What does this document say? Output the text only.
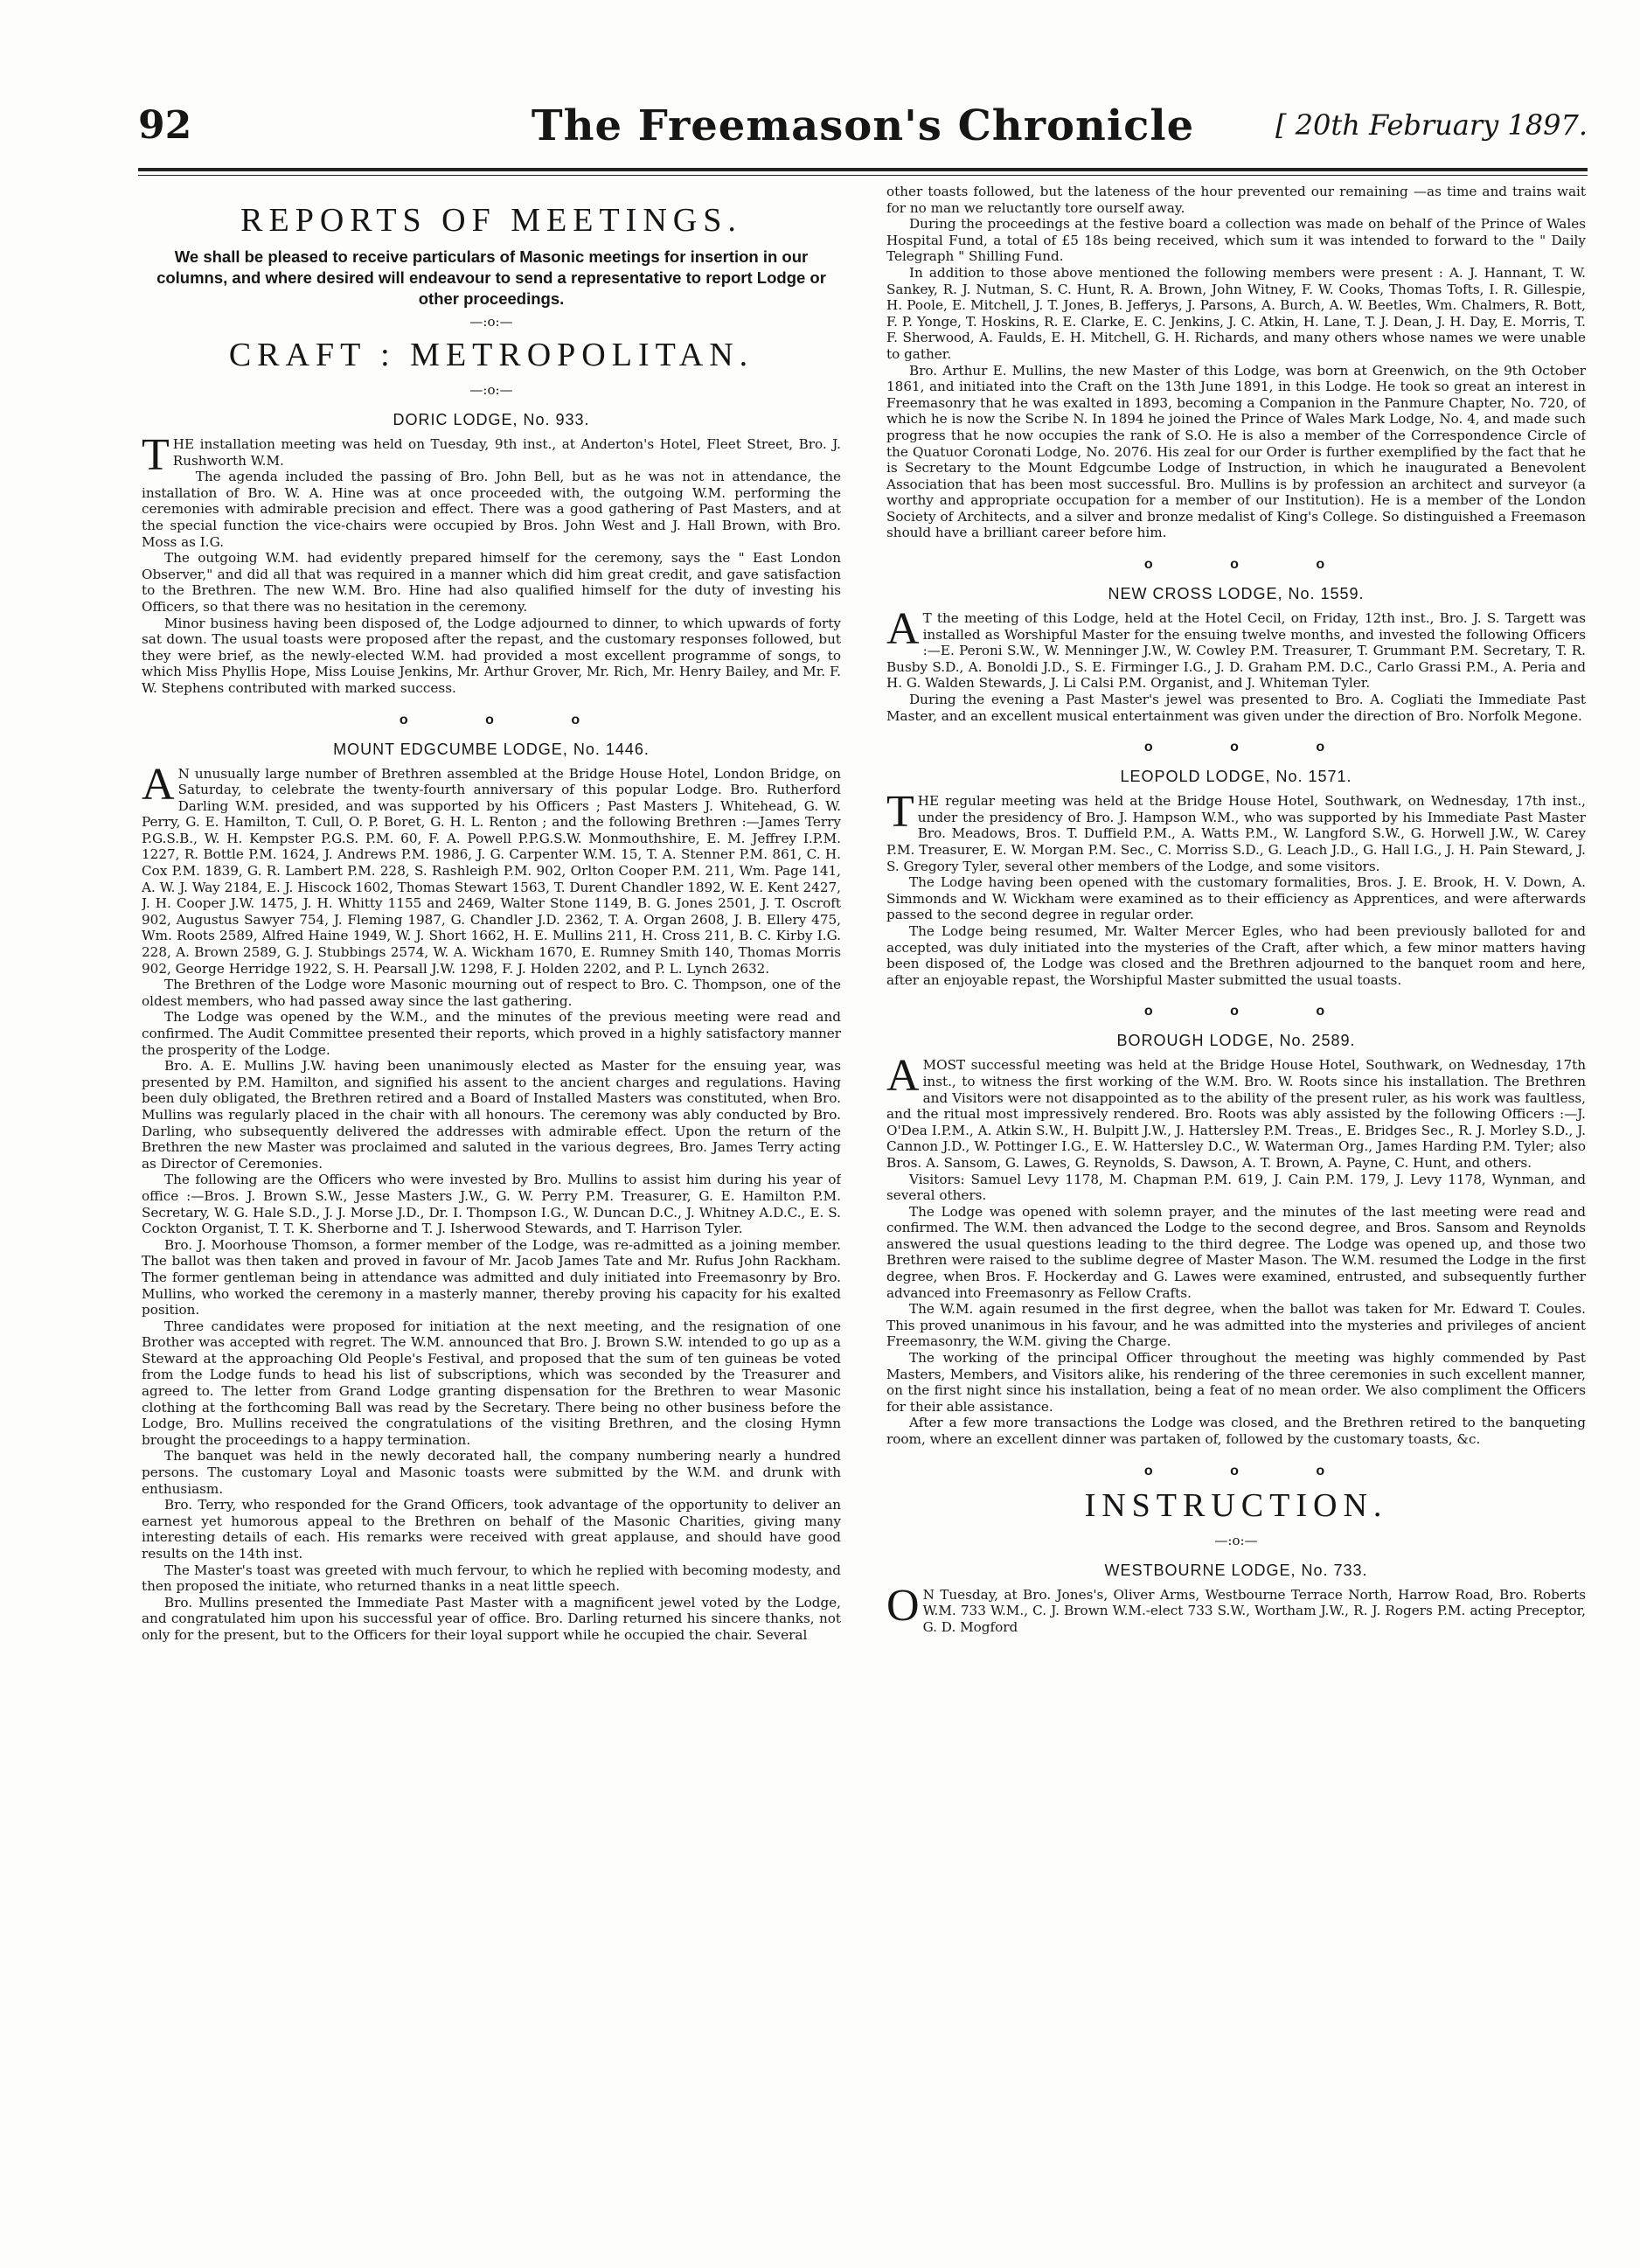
92	The Freemason's Chronicle	[ 20th February 1897.
REPORTS OF MEETINGS.
We shall be pleased to receive particulars of Masonic meetings for insertion in our columns, and where desired will endeavour to send a representative to report Lodge or other proceedings.
—:o:—
CRAFT : METROPOLITAN.
—:o:—
DORIC LODGE, No. 933.

THE installation meeting was held on Tuesday, 9th inst., at Anderton's Hotel, Fleet Street, Bro. J. Rushworth W.M.

The agenda included the passing of Bro. John Bell, but as he was not in attendance, the installation of Bro. W. A. Hine was at once proceeded with, the outgoing W.M. performing the ceremonies with admirable precision and effect. There was a good gathering of Past Masters, and at the special function the vice-chairs were occupied by Bros. John West and J. Hall Brown, with Bro. Moss as I.G.

The outgoing W.M. had evidently prepared himself for the ceremony, says the " East London Observer," and did all that was required in a manner which did him great credit, and gave satisfaction to the Brethren. The new W.M. Bro. Hine had also qualified himself for the duty of investing his Officers, so that there was no hesitation in the ceremony.

Minor business having been disposed of, the Lodge adjourned to dinner, to which upwards of forty sat down. The usual toasts were proposed after the repast, and the customary responses followed, but they were brief, as the newly-elected W.M. had provided a most excellent programme of songs, to which Miss Phyllis Hope, Miss Louise Jenkins, Mr. Arthur Grover, Mr. Rich, Mr. Henry Bailey, and Mr. F. W. Stephens contributed with marked success.

o o o
MOUNT EDGCUMBE LODGE, No. 1446.

A N unusually large number of Brethren assembled at the Bridge House Hotel, London Bridge, on Saturday, to celebrate the twenty-fourth anniversary of this popular Lodge. Bro. Rutherford Darling W.M. presided, and was supported by his Officers ; Past Masters J. Whitehead, G. W. Perry, G. E. Hamilton, T. Cull, O. P. Boret, G. H. L. Renton ; and the following Brethren :—James Terry P.G.S.B., W. H. Kempster P.G.S. P.M. 60, F. A. Powell P.P.G.S.W. Monmouthshire, E. M. Jeffrey I.P.M. 1227, R. Bottle P.M. 1624, J. Andrews P.M. 1986, J. G. Carpenter W.M. 15, T. A. Stenner P.M. 861, C. H. Cox P.M. 1839, G. R. Lambert P.M. 228, S. Rashleigh P.M. 902, Orlton Cooper P.M. 211, Wm. Page 141, A. W. J. Way 2184, E. J. Hiscock 1602, Thomas Stewart 1563, T. Durent Chandler 1892, W. E. Kent 2427, J. H. Cooper J.W. 1475, J. H. Whitty 1155 and 2469, Walter Stone 1149, B. G. Jones 2501, J. T. Oscroft 902, Augustus Sawyer 754, J. Fleming 1987, G. Chandler J.D. 2362, T. A. Organ 2608, J. B. Ellery 475, Wm. Roots 2589, Alfred Haine 1949, W. J. Short 1662, H. E. Mullins 211, H. Cross 211, B. C. Kirby I.G. 228, A. Brown 2589, G. J. Stubbings 2574, W. A. Wickham 1670, E. Rumney Smith 140, Thomas Morris 902, George Herridge 1922, S. H. Pearsall J.W. 1298, F. J. Holden 2202, and P. L. Lynch 2632.

The Brethren of the Lodge wore Masonic mourning out of respect to Bro. C. Thompson, one of the oldest members, who had passed away since the last gathering.

The Lodge was opened by the W.M., and the minutes of the previous meeting were read and confirmed. The Audit Committee presented their reports, which proved in a highly satisfactory manner the prosperity of the Lodge.

Bro. A. E. Mullins J.W. having been unanimously elected as Master for the ensuing year, was presented by P.M. Hamilton, and signified his assent to the ancient charges and regulations. Having been duly obligated, the Brethren retired and a Board of Installed Masters was constituted, when Bro. Mullins was regularly placed in the chair with all honours. The ceremony was ably conducted by Bro. Darling, who subsequently delivered the addresses with admirable effect. Upon the return of the Brethren the new Master was proclaimed and saluted in the various degrees, Bro. James Terry acting as Director of Ceremonies.

The following are the Officers who were invested by Bro. Mullins to assist him during his year of office :—Bros. J. Brown S.W., Jesse Masters J.W., G. W. Perry P.M. Treasurer, G. E. Hamilton P.M. Secretary, W. G. Hale S.D., J. J. Morse J.D., Dr. I. Thompson I.G., W. Duncan D.C., J. Whitney A.D.C., E. S. Cockton Organist, T. T. K. Sherborne and T. J. Isherwood Stewards, and T. Harrison Tyler.

Bro. J. Moorhouse Thomson, a former member of the Lodge, was re-admitted as a joining member. The ballot was then taken and proved in favour of Mr. Jacob James Tate and Mr. Rufus John Rackham. The former gentleman being in attendance was admitted and duly initiated into Freemasonry by Bro. Mullins, who worked the ceremony in a masterly manner, thereby proving his capacity for his exalted position.

Three candidates were proposed for initiation at the next meeting, and the resignation of one Brother was accepted with regret. The W.M. announced that Bro. J. Brown S.W. intended to go up as a Steward at the approaching Old People's Festival, and proposed that the sum of ten guineas be voted from the Lodge funds to head his list of subscriptions, which was seconded by the Treasurer and agreed to. The letter from Grand Lodge granting dispensation for the Brethren to wear Masonic clothing at the forthcoming Ball was read by the Secretary. There being no other business before the Lodge, Bro. Mullins received the congratulations of the visiting Brethren, and the closing Hymn brought the proceedings to a happy termination.

The banquet was held in the newly decorated hall, the company numbering nearly a hundred persons. The customary Loyal and Masonic toasts were submitted by the W.M. and drunk with enthusiasm.

Bro. Terry, who responded for the Grand Officers, took advantage of the opportunity to deliver an earnest yet humorous appeal to the Brethren on behalf of the Masonic Charities, giving many interesting details of each. His remarks were received with great applause, and should have good results on the 14th inst.

The Master's toast was greeted with much fervour, to which he replied with becoming modesty, and then proposed the initiate, who returned thanks in a neat little speech.

Bro. Mullins presented the Immediate Past Master with a magnificent jewel voted by the Lodge, and congratulated him upon his successful year of office. Bro. Darling returned his sincere thanks, not only for the present, but to the Officers for their loyal support while he occupied the chair. Several

other toasts followed, but the lateness of the hour prevented our remaining —as time and trains wait for no man we reluctantly tore ourself away.

During the proceedings at the festive board a collection was made on behalf of the Prince of Wales Hospital Fund, a total of £5 18s being received, which sum it was intended to forward to the " Daily Telegraph " Shilling Fund.

In addition to those above mentioned the following members were present : A. J. Hannant, T. W. Sankey, R. J. Nutman, S. C. Hunt, R. A. Brown, John Witney, F. W. Cooks, Thomas Tofts, I. R. Gillespie, H. Poole, E. Mitchell, J. T. Jones, B. Jefferys, J. Parsons, A. Burch, A. W. Beetles, Wm. Chalmers, R. Bott, F. P. Yonge, T. Hoskins, R. E. Clarke, E. C. Jenkins, J. C. Atkin, H. Lane, T. J. Dean, J. H. Day, E. Morris, T. F. Sherwood, A. Faulds, E. H. Mitchell, G. H. Richards, and many others whose names we were unable to gather.

Bro. Arthur E. Mullins, the new Master of this Lodge, was born at Greenwich, on the 9th October 1861, and initiated into the Craft on the 13th June 1891, in this Lodge. He took so great an interest in Freemasonry that he was exalted in 1893, becoming a Companion in the Panmure Chapter, No. 720, of which he is now the Scribe N. In 1894 he joined the Prince of Wales Mark Lodge, No. 4, and made such progress that he now occupies the rank of S.O. He is also a member of the Correspondence Circle of the Quatuor Coronati Lodge, No. 2076. His zeal for our Order is further exemplified by the fact that he is Secretary to the Mount Edgcumbe Lodge of Instruction, in which he inaugurated a Benevolent Association that has been most successful. Bro. Mullins is by profession an architect and surveyor (a worthy and appropriate occupation for a member of our Institution). He is a member of the London Society of Architects, and a silver and bronze medalist of King's College. So distinguished a Freemason should have a brilliant career before him.

o o o
NEW CROSS LODGE, No. 1559.

A T the meeting of this Lodge, held at the Hotel Cecil, on Friday, 12th inst., Bro. J. S. Targett was installed as Worshipful Master for the ensuing twelve months, and invested the following Officers :—E. Peroni S.W., W. Menninger J.W., W. Cowley P.M. Treasurer, T. Grummant P.M. Secretary, T. R. Busby S.D., A. Bonoldi J.D., S. E. Firminger I.G., J. D. Graham P.M. D.C., Carlo Grassi P.M., A. Peria and H. G. Walden Stewards, J. Li Calsi P.M. Organist, and J. Whiteman Tyler.

During the evening a Past Master's jewel was presented to Bro. A. Cogliati the Immediate Past Master, and an excellent musical entertainment was given under the direction of Bro. Norfolk Megone.

o o o
LEOPOLD LODGE, No. 1571.

THE regular meeting was held at the Bridge House Hotel, Southwark, on Wednesday, 17th inst., under the presidency of Bro. J. Hampson W.M., who was supported by his Immediate Past Master Bro. Meadows, Bros. T. Duffield P.M., A. Watts P.M., W. Langford S.W., G. Horwell J.W., W. Carey P.M. Treasurer, E. W. Morgan P.M. Sec., C. Morriss S.D., G. Leach J.D., G. Hall I.G., J. H. Pain Steward, J. S. Gregory Tyler, several other members of the Lodge, and some visitors.

The Lodge having been opened with the customary formalities, Bros. J. E. Brook, H. V. Down, A. Simmonds and W. Wickham were examined as to their efficiency as Apprentices, and were afterwards passed to the second degree in regular order.

The Lodge being resumed, Mr. Walter Mercer Egles, who had been previously balloted for and accepted, was duly initiated into the mysteries of the Craft, after which, a few minor matters having been disposed of, the Lodge was closed and the Brethren adjourned to the banquet room and here, after an enjoyable repast, the Worshipful Master submitted the usual toasts.

o o o
BOROUGH LODGE, No. 2589.

AMOST successful meeting was held at the Bridge House Hotel, Southwark, on Wednesday, 17th inst., to witness the first working of the W.M. Bro. W. Roots since his installation. The Brethren and Visitors were not disappointed as to the ability of the present ruler, as his work was faultless, and the ritual most impressively rendered. Bro. Roots was ably assisted by the following Officers :—J. O'Dea I.P.M., A. Atkin S.W., H. Bulpitt J.W., J. Hattersley P.M. Treas., E. Bridges Sec., R. J. Morley S.D., J. Cannon J.D., W. Pottinger I.G., E. W. Hattersley D.C., W. Waterman Org., James Harding P.M. Tyler; also Bros. A. Sansom, G. Lawes, G. Reynolds, S. Dawson, A. T. Brown, A. Payne, C. Hunt, and others.

Visitors: Samuel Levy 1178, M. Chapman P.M. 619, J. Cain P.M. 179, J. Levy 1178, Wynman, and several others.

The Lodge was opened with solemn prayer, and the minutes of the last meeting were read and confirmed. The W.M. then advanced the Lodge to the second degree, and Bros. Sansom and Reynolds answered the usual questions leading to the third degree. The Lodge was opened up, and those two Brethren were raised to the sublime degree of Master Mason. The W.M. resumed the Lodge in the first degree, when Bros. F. Hockerday and G. Lawes were examined, entrusted, and subsequently further advanced into Freemasonry as Fellow Crafts.

The W.M. again resumed in the first degree, when the ballot was taken for Mr. Edward T. Coules. This proved unanimous in his favour, and he was admitted into the mysteries and privileges of ancient Freemasonry, the W.M. giving the Charge.

The working of the principal Officer throughout the meeting was highly commended by Past Masters, Members, and Visitors alike, his rendering of the three ceremonies in such excellent manner, on the first night since his installation, being a feat of no mean order. We also compliment the Officers for their able assistance.

After a few more transactions the Lodge was closed, and the Brethren retired to the banqueting room, where an excellent dinner was partaken of, followed by the customary toasts, &c.

o o o
INSTRUCTION.
—:o:—
WESTBOURNE LODGE, No. 733.

O N Tuesday, at Bro. Jones's, Oliver Arms, Westbourne Terrace North, Harrow Road, Bro. Roberts W.M. 733 W.M., C. J. Brown W.M.-elect 733 S.W., Wortham J.W., R. J. Rogers P.M. acting Preceptor, G. D. Mogford
